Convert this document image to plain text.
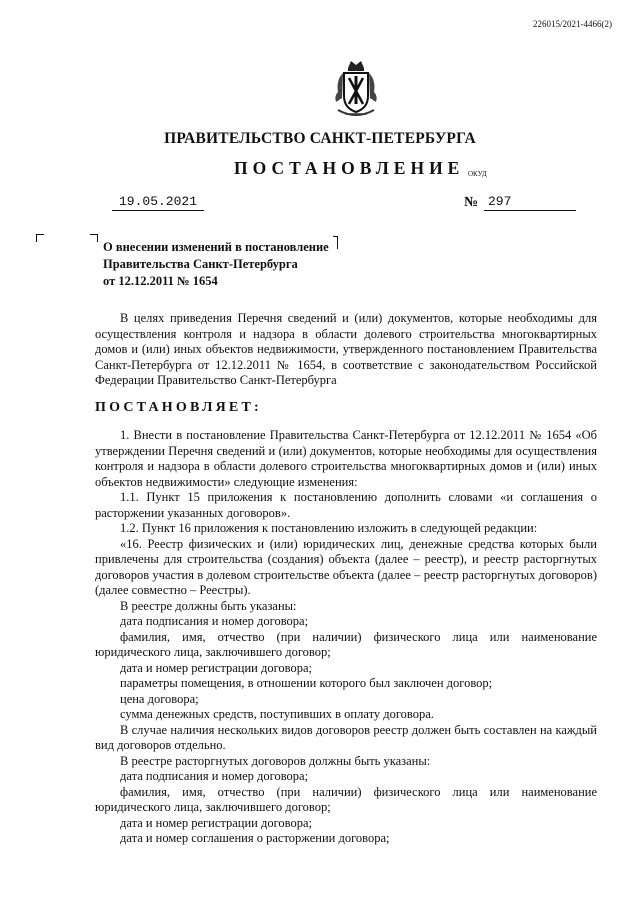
226015/2021-4466(2)
ПРАВИТЕЛЬСТВО САНКТ-ПЕТЕРБУРГА
ПОСТАНОВЛЕНИЕ ОКУД
19.05.2021	№ 297
О внесении изменений в постановление
Правительства Санкт-Петербурга
от 12.12.2011 № 1654

В целях приведения Перечня сведений и (или) документов, которые необходимы для осуществления контроля и надзора в области долевого строительства многоквартирных домов и (или) иных объектов недвижимости, утвержденного постановлением Правительства Санкт-Петербурга от 12.12.2011 № 1654, в соответствие с законодательством Российской Федерации Правительство Санкт-Петербурга

ПОСТАНОВЛЯЕТ:

1. Внести в постановление Правительства Санкт-Петербурга от 12.12.2011 № 1654 «Об утверждении Перечня сведений и (или) документов, которые необходимы для осуществления контроля и надзора в области долевого строительства многоквартирных домов и (или) иных объектов недвижимости» следующие изменения:

1.1. Пункт 15 приложения к постановлению дополнить словами «и соглашения о расторжении указанных договоров».

1.2. Пункт 16 приложения к постановлению изложить в следующей редакции:

«16. Реестр физических и (или) юридических лиц, денежные средства которых были привлечены для строительства (создания) объекта (далее – реестр), и реестр расторгнутых договоров участия в долевом строительстве объекта (далее – реестр расторгнутых договоров) (далее совместно – Реестры).

В реестре должны быть указаны:

дата подписания и номер договора;

фамилия, имя, отчество (при наличии) физического лица или наименование юридического лица, заключившего договор;

дата и номер регистрации договора;

параметры помещения, в отношении которого был заключен договор;

цена договора;

сумма денежных средств, поступивших в оплату договора.

В случае наличия нескольких видов договоров реестр должен быть составлен на каждый вид договоров отдельно.

В реестре расторгнутых договоров должны быть указаны:

дата подписания и номер договора;

фамилия, имя, отчество (при наличии) физического лица или наименование юридического лица, заключившего договор;

дата и номер регистрации договора;

дата и номер соглашения о расторжении договора;
